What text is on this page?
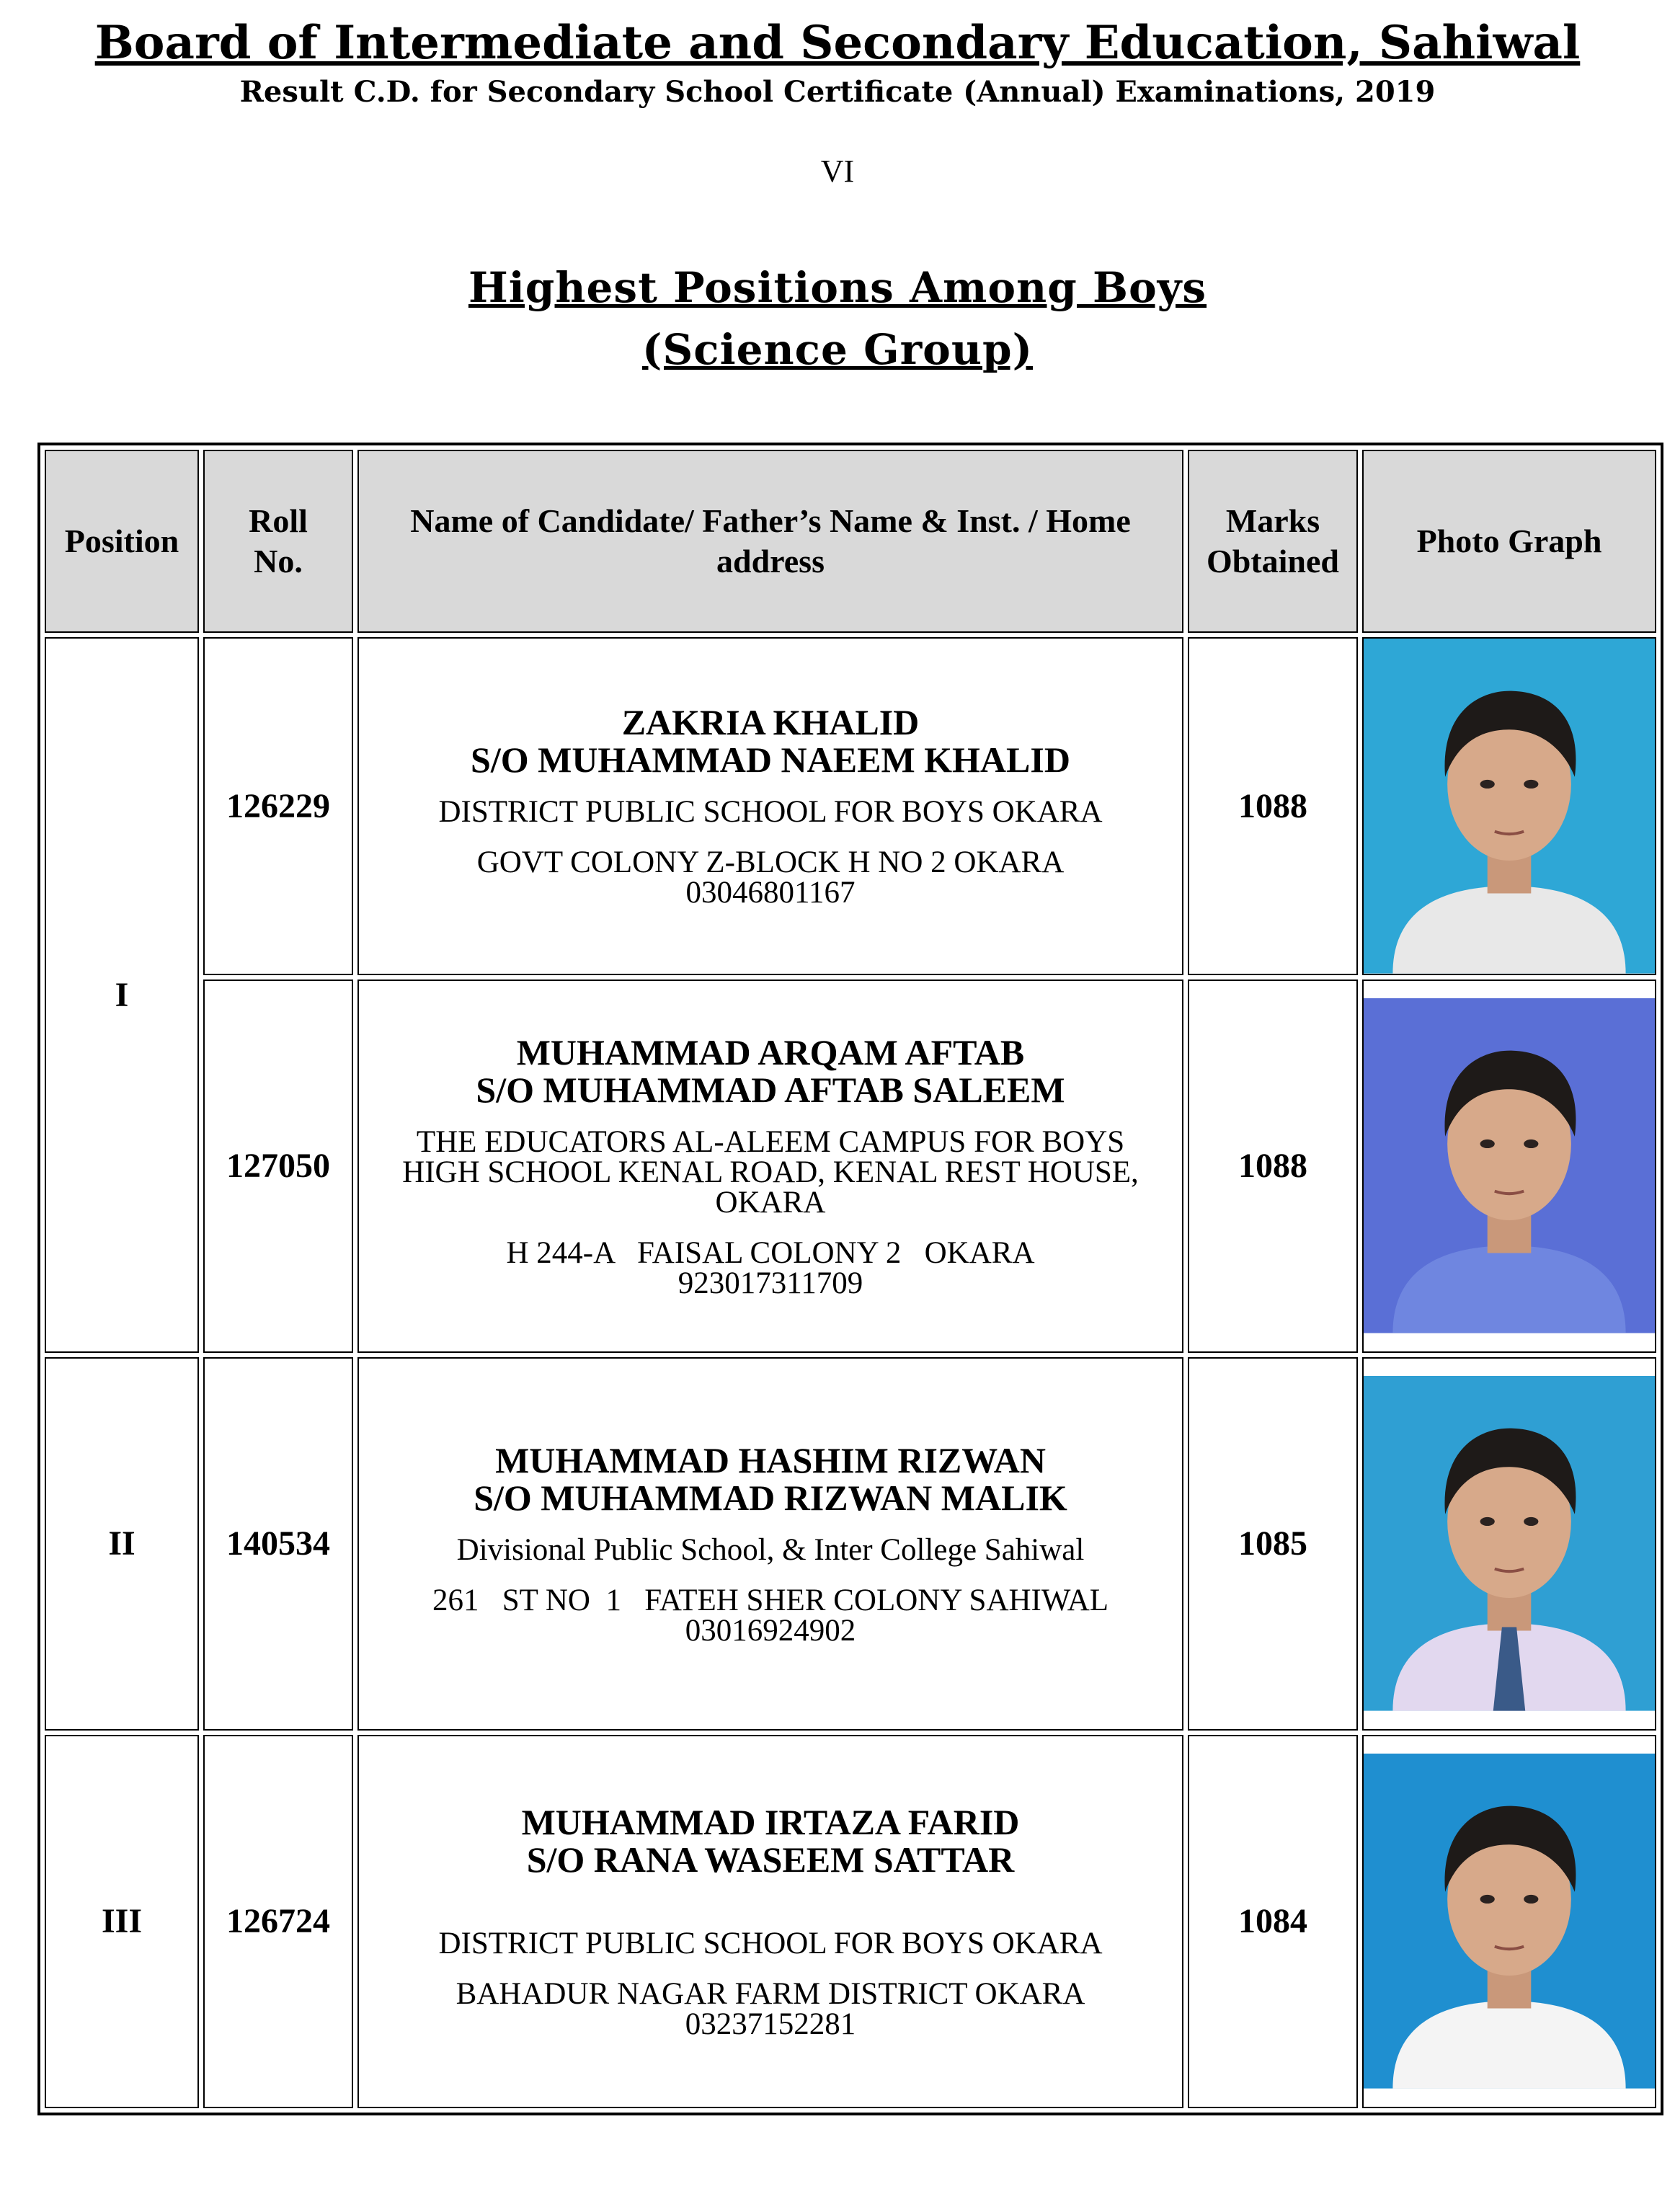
Board of Intermediate and Secondary Education, Sahiwal
Result C.D. for Secondary School Certificate (Annual) Examinations, 2019
VI
Highest Positions Among Boys
(Science Group)
Position	Roll No.	Name of Candidate/ Father’s Name & Inst. / Home address	Marks Obtained	Photo Graph
I	126229	ZAKRIA KHALID
S/O MUHAMMAD NAEEM KHALID
DISTRICT PUBLIC SCHOOL FOR BOYS OKARA
GOVT COLONY Z-BLOCK H NO 2 OKARA
03046801167	1088	

	127050	MUHAMMAD ARQAM AFTAB
S/O MUHAMMAD AFTAB SALEEM
THE EDUCATORS AL-ALEEM CAMPUS FOR BOYS HIGH SCHOOL KENAL ROAD, KENAL REST HOUSE, OKARA
H 244-A   FAISAL COLONY 2   OKARA
923017311709	1088	

II	140534	MUHAMMAD HASHIM RIZWAN
S/O MUHAMMAD RIZWAN MALIK
Divisional Public School, & Inter College Sahiwal
261   ST NO  1   FATEH SHER COLONY SAHIWAL
03016924902	1085	

III	126724	MUHAMMAD IRTAZA FARID
S/O RANA WASEEM SATTAR
DISTRICT PUBLIC SCHOOL FOR BOYS OKARA
BAHADUR NAGAR FARM DISTRICT OKARA
03237152281	1084	
